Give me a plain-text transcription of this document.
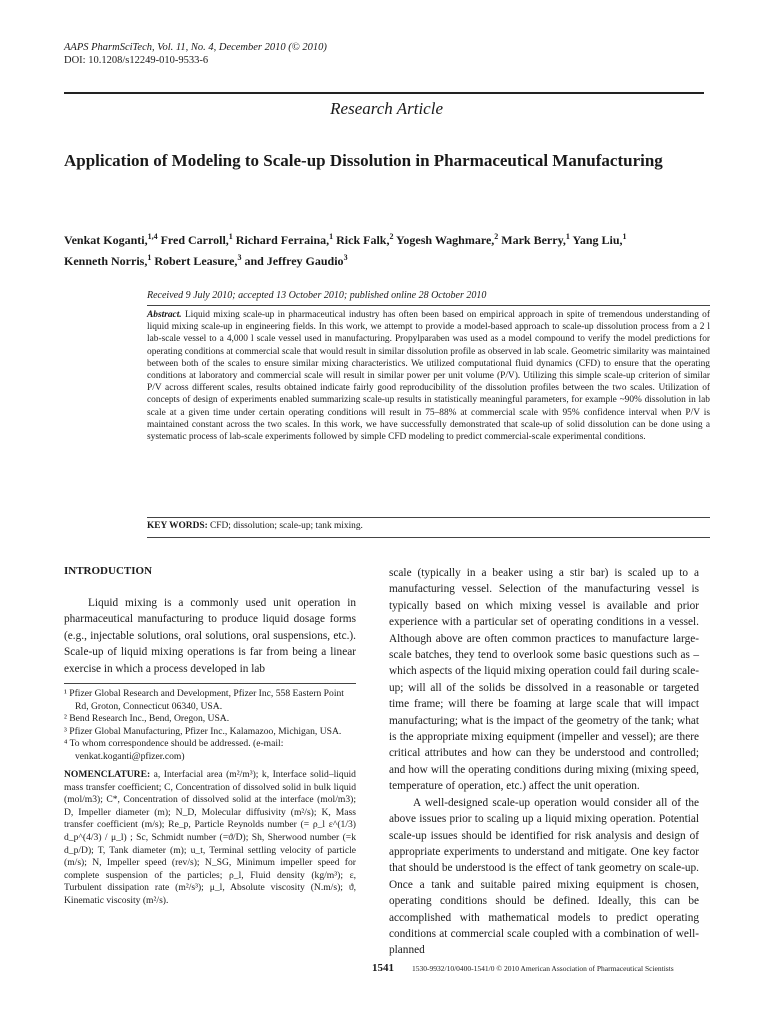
AAPS PharmSciTech, Vol. 11, No. 4, December 2010 (© 2010)
DOI: 10.1208/s12249-010-9533-6
Research Article
Application of Modeling to Scale-up Dissolution in Pharmaceutical Manufacturing
Venkat Koganti,$^{1,4}$ Fred Carroll,$^1$ Richard Ferraina,$^1$ Rick Falk,$^2$ Yogesh Waghmare,$^2$ Mark Berry,$^1$ Yang Liu,$^1$
Kenneth Norris,$^1$ Robert Leasure,$^3$ and Jeffrey Gaudio$^3$
Received 9 July 2010; accepted 13 October 2010; published online 28 October 2010
Abstract. Liquid mixing scale-up in pharmaceutical industry has often been based on empirical approach in spite of tremendous understanding of liquid mixing scale-up in engineering fields. In this work, we attempt to provide a model-based approach to scale-up dissolution process from a 2 l lab-scale vessel to a 4,000 l scale vessel used in manufacturing. Propylparaben was used as a model compound to verify the model predictions for operating conditions at commercial scale that would result in similar dissolution profile as observed in lab scale. Geometric similarity was maintained between both of the scales to ensure similar mixing characteristics. We utilized computational fluid dynamics (CFD) to ensure that the operating conditions at laboratory and commercial scale will result in similar power per unit volume (P/V). Utilizing this simple scale-up criterion of similar P/V across different scales, results obtained indicate fairly good reproducibility of the dissolution profiles between the two scales. Utilization of concepts of design of experiments enabled summarizing scale-up results in statistically meaningful parameters, for example ~90% dissolution in lab scale at a given time under certain operating conditions will result in 75–88% at commercial scale with 95% confidence interval when P/V is maintained constant across the two scales. In this work, we have successfully demonstrated that scale-up of solid dissolution can be done using a systematic process of lab-scale experiments followed by simple CFD modeling to predict commercial-scale experimental conditions.
KEY WORDS: CFD; dissolution; scale-up; tank mixing.
INTRODUCTION

Liquid mixing is a commonly used unit operation in pharmaceutical manufacturing to produce liquid dosage forms (e.g., injectable solutions, oral solutions, oral suspensions, etc.). Scale-up of liquid mixing operations is far from being a linear exercise in which a process developed in lab

¹ Pfizer Global Research and Development, Pfizer Inc, 558 Eastern Point Rd, Groton, Connecticut 06340, USA.

² Bend Research Inc., Bend, Oregon, USA.

³ Pfizer Global Manufacturing, Pfizer Inc., Kalamazoo, Michigan, USA.

⁴ To whom correspondence should be addressed. (e-mail: venkat.koganti@pfizer.com)

NOMENCLATURE: a, Interfacial area (m²/m³); k, Interface solid–liquid mass transfer coefficient; C, Concentration of dissolved solid in bulk liquid (mol/m3); C*, Concentration of dissolved solid at the interface (mol/m3); D, Impeller diameter (m); N_D, Molecular diffusivity (m²/s); K, Mass transfer coefficient (m/s); Re_p, Particle Reynolds number (= ρ_l ε^(1/3) d_p^(4/3) / μ_l) ; Sc, Schmidt number (=ϑ/D); Sh, Sherwood number (=k d_p/D); T, Tank diameter (m); u_t, Terminal settling velocity of particle (m/s); N, Impeller speed (rev/s); N_SG, Minimum impeller speed for complete suspension of the particles; ρ_l, Fluid density (kg/m³); ε, Turbulent dissipation rate (m²/s³); μ_l, Absolute viscosity (N.m/s); ϑ, Kinematic viscosity (m²/s).

scale (typically in a beaker using a stir bar) is scaled up to a manufacturing vessel. Selection of the manufacturing vessel is typically based on which mixing vessel is available and prior experience with a particular set of operating conditions in a vessel. Although above are often common practices to manufacture large-scale batches, they tend to overlook some basic questions such as – which aspects of the liquid mixing operation could fail during scale-up; will all of the solids be dissolved in a reasonable or targeted time frame; will there be foaming at large scale that will impact manufacturing; what is the impact of the geometry of the tank; what is the appropriate mixing equipment (impeller and vessel); are there critical attributes and how can they be understood and controlled; and how will the operating conditions during mixing (mixing speed, temperature of operation, etc.) affect the unit operation.

A well-designed scale-up operation would consider all of the above issues prior to scaling up a liquid mixing operation. Potential scale-up issues should be identified for risk analysis and design of appropriate experiments to understand and mitigate. One key factor that should be understood is the effect of tank geometry on scale-up. Once a tank and suitable paired mixing equipment is chosen, operating conditions should be defined. Ideally, this can be accomplished with mathematical models to predict operating conditions at commercial scale coupled with a combination of well-planned

1541 1530-9932/10/0400-1541/0 © 2010 American Association of Pharmaceutical Scientists
